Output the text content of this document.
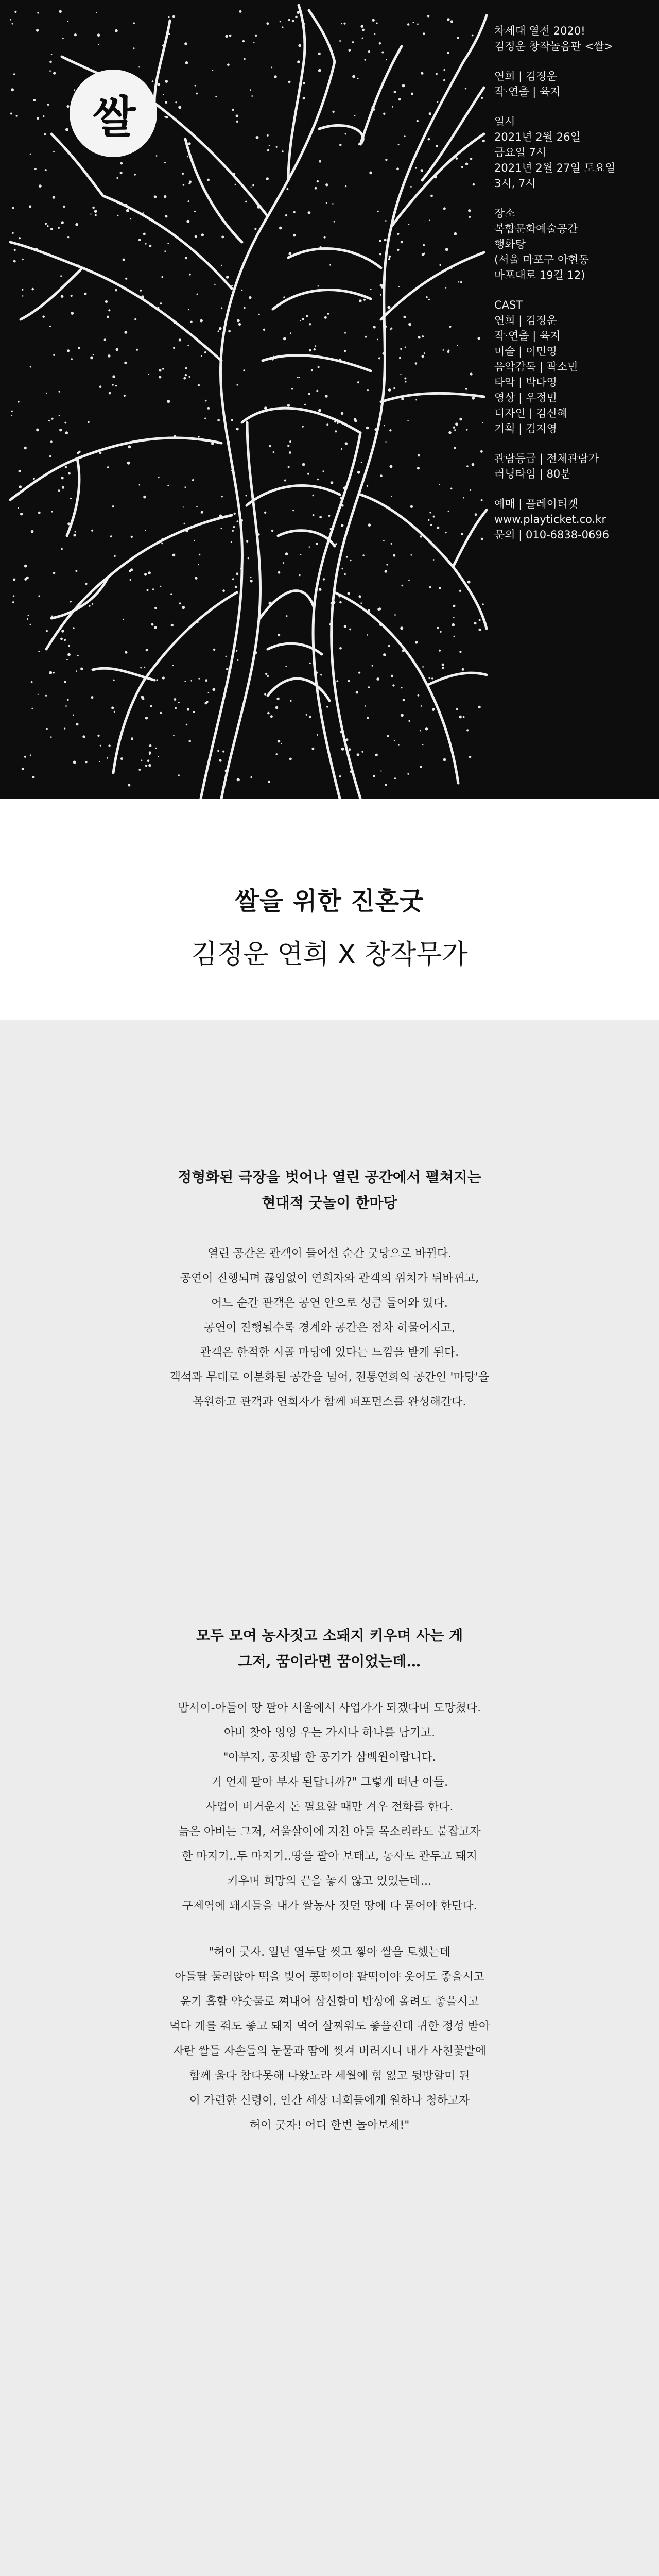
쌀
차세대 열전 2020!
김정운 창작놀음판 <쌀>
연희 | 김정운
작·연출 | 육지
일시
2021년 2월 26일
금요일 7시
2021년 2월 27일 토요일
3시, 7시
장소
복합문화예술공간
행화탕
(서울 마포구 아현동
마포대로 19길 12)
CAST
연희 | 김정운
작·연출 | 육지
미술 | 이민영
음악감독 | 곽소민
타악 | 박다영
영상 | 우정민
디자인 | 김신혜
기획 | 김지영
관람등급 | 전체관람가
러닝타임 | 80분
예매 | 플레이티켓
www.playticket.co.kr
문의 | 010-6838-0696
쌀을 위한 진혼굿
김정운 연희 X 창작무가
정형화된 극장을 벗어나 열린 공간에서 펼쳐지는
현대적 굿놀이 한마당
열린 공간은 관객이 들어선 순간 굿당으로 바뀐다.
공연이 진행되며 끊임없이 연희자와 관객의 위치가 뒤바뀌고,
어느 순간 관객은 공연 안으로 성큼 들어와 있다.
공연이 진행될수록 경계와 공간은 점차 허물어지고,
관객은 한적한 시골 마당에 있다는 느낌을 받게 된다.
객석과 무대로 이분화된 공간을 넘어, 전통연희의 공간인 '마당'을
복원하고 관객과 연희자가 함께 퍼포먼스를 완성해간다.
모두 모여 농사짓고 소돼지 키우며 사는 게
그저, 꿈이라면 꿈이었는데…
밤서이-아들이 땅 팔아 서울에서 사업가가 되겠다며 도망쳤다.
아비 찾아 엉엉 우는 가시나 하나를 남기고.
"아부지, 공짓밥 한 공기가 삼백원이랍니다.
거 언제 팔아 부자 된답니까?" 그렇게 떠난 아들.
사업이 버거운지 돈 필요할 때만 겨우 전화를 한다.
늙은 아비는 그저, 서울살이에 지친 아들 목소리라도 붙잡고자
한 마지기‥두 마지기‥땅을 팔아 보태고, 농사도 관두고 돼지
키우며 희망의 끈을 놓지 않고 있었는데…
구제역에 돼지들을 내가 쌀농사 짓던 땅에 다 묻어야 한단다.
"허이 굿자. 일년 열두달 씻고 찧아 쌀을 토했는데
아들딸 둘러앉아 떡을 빚어 콩떡이야 팥떡이야 웃어도 좋을시고
윤기 흘할 약숫물로 쪄내어 삼신할미 밥상에 올려도 좋을시고
먹다 개를 줘도 좋고 돼지 먹여 살찌워도 좋을진대 귀한 정성 받아
자란 쌀들 자손들의 눈물과 땀에 씻겨 버려지니 내가 사천꽃밭에
함께 울다 참다못해 나왔노라 세월에 힘 잃고 뒷방할미 된
이 가련한 신령이, 인간 세상 너희들에게 원하나 청하고자
허이 굿자! 어디 한번 놀아보세!"
